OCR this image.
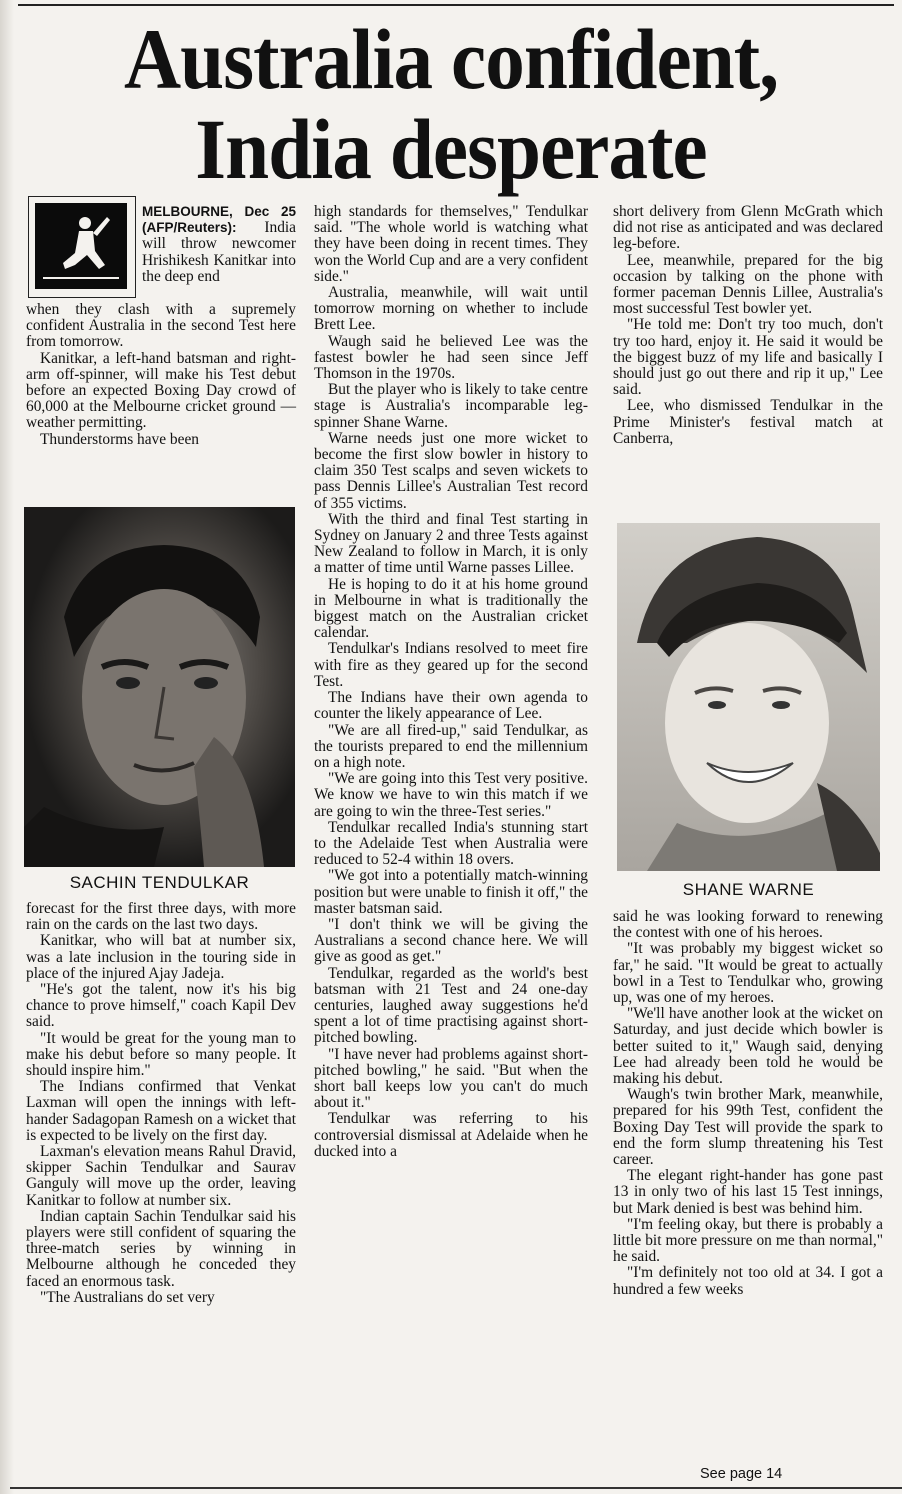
Australia confident,
India desperate

MELBOURNE, Dec 25 (AFP/Reuters): India will throw newcomer Hrishikesh Kanitkar into the deep end

when they clash with a supremely confident Australia in the second Test here from tomorrow.

Kanitkar, a left-hand batsman and right-arm off-spinner, will make his Test debut before an expected Boxing Day crowd of 60,000 at the Melbourne cricket ground — weather permitting.

Thunderstorms have been

SACHIN TENDULKAR

forecast for the first three days, with more rain on the cards on the last two days.

Kanitkar, who will bat at number six, was a late inclusion in the touring side in place of the injured Ajay Jadeja.

"He's got the talent, now it's his big chance to prove himself," coach Kapil Dev said.

"It would be great for the young man to make his debut before so many people. It should inspire him."

The Indians confirmed that Venkat Laxman will open the innings with left-hander Sadagopan Ramesh on a wicket that is expected to be lively on the first day.

Laxman's elevation means Rahul Dravid, skipper Sachin Tendulkar and Saurav Ganguly will move up the order, leaving Kanitkar to follow at number six.

Indian captain Sachin Tendulkar said his players were still confident of squaring the three-match series by winning in Melbourne although he conceded they faced an enormous task.

"The Australians do set very

high standards for themselves," Tendulkar said. "The whole world is watching what they have been doing in recent times. They won the World Cup and are a very confident side."

Australia, meanwhile, will wait until tomorrow morning on whether to include Brett Lee.

Waugh said he believed Lee was the fastest bowler he had seen since Jeff Thomson in the 1970s.

But the player who is likely to take centre stage is Australia's incomparable leg-spinner Shane Warne.

Warne needs just one more wicket to become the first slow bowler in history to claim 350 Test scalps and seven wickets to pass Dennis Lillee's Australian Test record of 355 victims.

With the third and final Test starting in Sydney on January 2 and three Tests against New Zealand to follow in March, it is only a matter of time until Warne passes Lillee.

He is hoping to do it at his home ground in Melbourne in what is traditionally the biggest match on the Australian cricket calendar.

Tendulkar's Indians resolved to meet fire with fire as they geared up for the second Test.

The Indians have their own agenda to counter the likely appearance of Lee.

"We are all fired-up," said Tendulkar, as the tourists prepared to end the millennium on a high note.

"We are going into this Test very positive. We know we have to win this match if we are going to win the three-Test series."

Tendulkar recalled India's stunning start to the Adelaide Test when Australia were reduced to 52-4 within 18 overs.

"We got into a potentially match-winning position but were unable to finish it off," the master batsman said.

"I don't think we will be giving the Australians a second chance here. We will give as good as get."

Tendulkar, regarded as the world's best batsman with 21 Test and 24 one-day centuries, laughed away suggestions he'd spent a lot of time practising against short-pitched bowling.

"I have never had problems against short-pitched bowling," he said. "But when the short ball keeps low you can't do much about it."

Tendulkar was referring to his controversial dismissal at Adelaide when he ducked into a

short delivery from Glenn McGrath which did not rise as anticipated and was declared leg-before.

Lee, meanwhile, prepared for the big occasion by talking on the phone with former paceman Dennis Lillee, Australia's most successful Test bowler yet.

"He told me: Don't try too much, don't try too hard, enjoy it. He said it would be the biggest buzz of my life and basically I should just go out there and rip it up," Lee said.

Lee, who dismissed Tendulkar in the Prime Minister's festival match at Canberra,

SHANE WARNE

said he was looking forward to renewing the contest with one of his heroes.

"It was probably my biggest wicket so far," he said. "It would be great to actually bowl in a Test to Tendulkar who, growing up, was one of my heroes.

"We'll have another look at the wicket on Saturday, and just decide which bowler is better suited to it," Waugh said, denying Lee had already been told he would be making his debut.

Waugh's twin brother Mark, meanwhile, prepared for his 99th Test, confident the Boxing Day Test will provide the spark to end the form slump threatening his Test career.

The elegant right-hander has gone past 13 in only two of his last 15 Test innings, but Mark denied is best was behind him.

"I'm feeling okay, but there is probably a little bit more pressure on me than normal," he said.

"I'm definitely not too old at 34. I got a hundred a few weeks

See page 14
